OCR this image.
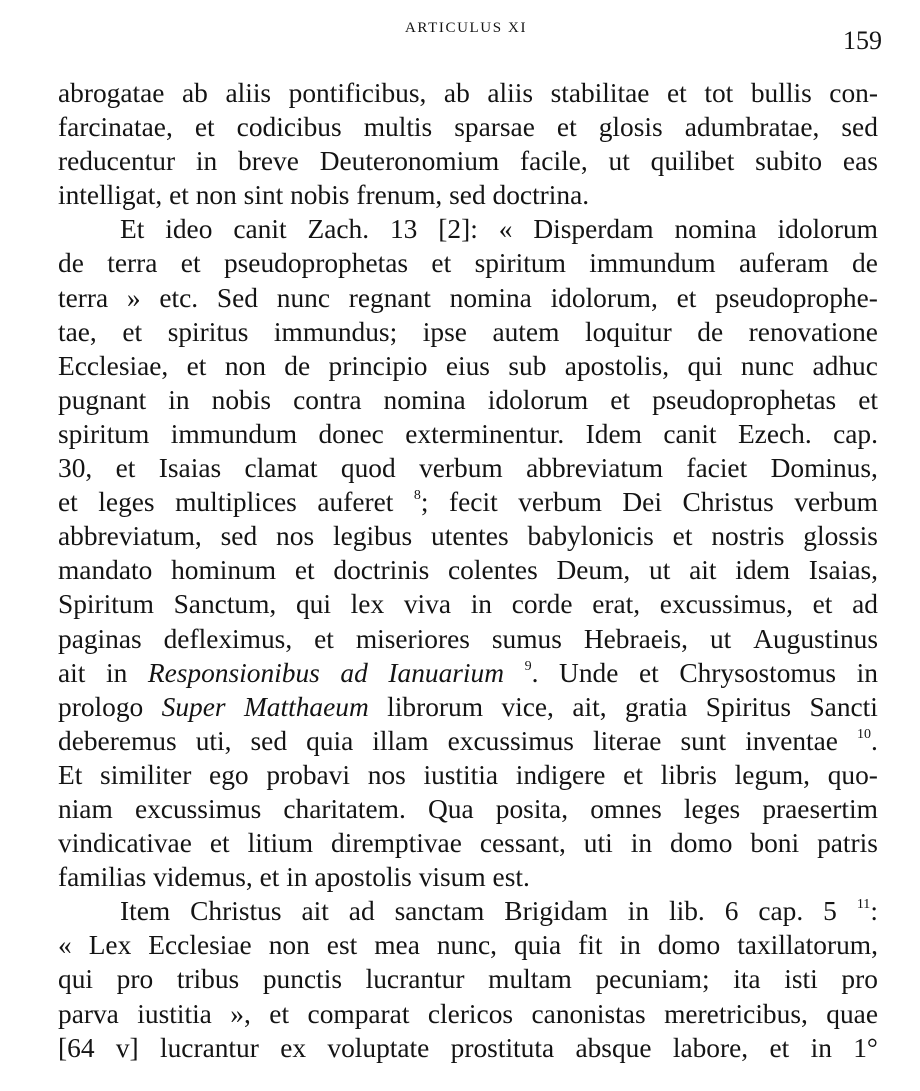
ARTICULUS XI	159
abrogatae ab aliis pontificibus, ab aliis stabilitae et tot bullis con-
farcinatae, et codicibus multis sparsae et glosis adumbratae, sed
reducentur in breve Deuteronomium facile, ut quilibet subito eas
intelligat,
et
non
sint
nobis
frenum,
sed
doctrina.
Et ideo canit Zach. 13 [2]: « Disperdam nomina idolorum
de terra et pseudoprophetas et spiritum immundum auferam de
terra » etc. Sed nunc regnant nomina idolorum, et pseudoprophe-
tae, et spiritus immundus; ipse autem loquitur de renovatione
Ecclesiae, et non de principio eius sub apostolis, qui nunc adhuc
pugnant in nobis contra nomina idolorum et pseudoprophetas et
spiritum immundum donec exterminentur. Idem canit Ezech. cap.
30, et Isaias clamat quod verbum abbreviatum faciet Dominus,
et leges multiplices auferet $^8$; fecit verbum Dei Christus verbum
abbreviatum, sed nos legibus utentes babylonicis et nostris glossis
mandato hominum et doctrinis colentes Deum, ut ait idem Isaias,
Spiritum Sanctum, qui lex viva in corde erat, excussimus, et ad
paginas defleximus, et miseriores sumus Hebraeis, ut Augustinus
ait in Responsionibus ad Ianuarium $^9$. Unde et Chrysostomus in
prologo Super Matthaeum librorum vice, ait, gratia Spiritus Sancti
deberemus uti, sed quia illam excussimus literae sunt inventae $^{10}$.
Et similiter ego probavi nos iustitia indigere et libris legum, quo-
niam excussimus charitatem. Qua posita, omnes leges praesertim
vindicativae et litium diremptivae cessant, uti in domo boni patris
familias
videmus,
et
in
apostolis
visum
est.
Item Christus ait ad sanctam Brigidam in lib. 6 cap. 5 $^{11}$:
« Lex Ecclesiae non est mea nunc, quia fit in domo taxillatorum,
qui pro tribus punctis lucrantur multam pecuniam; ita isti pro
parva iustitia », et comparat clericos canonistas meretricibus, quae
[64 v] lucrantur ex voluptate prostituta absque labore, et in 1°
